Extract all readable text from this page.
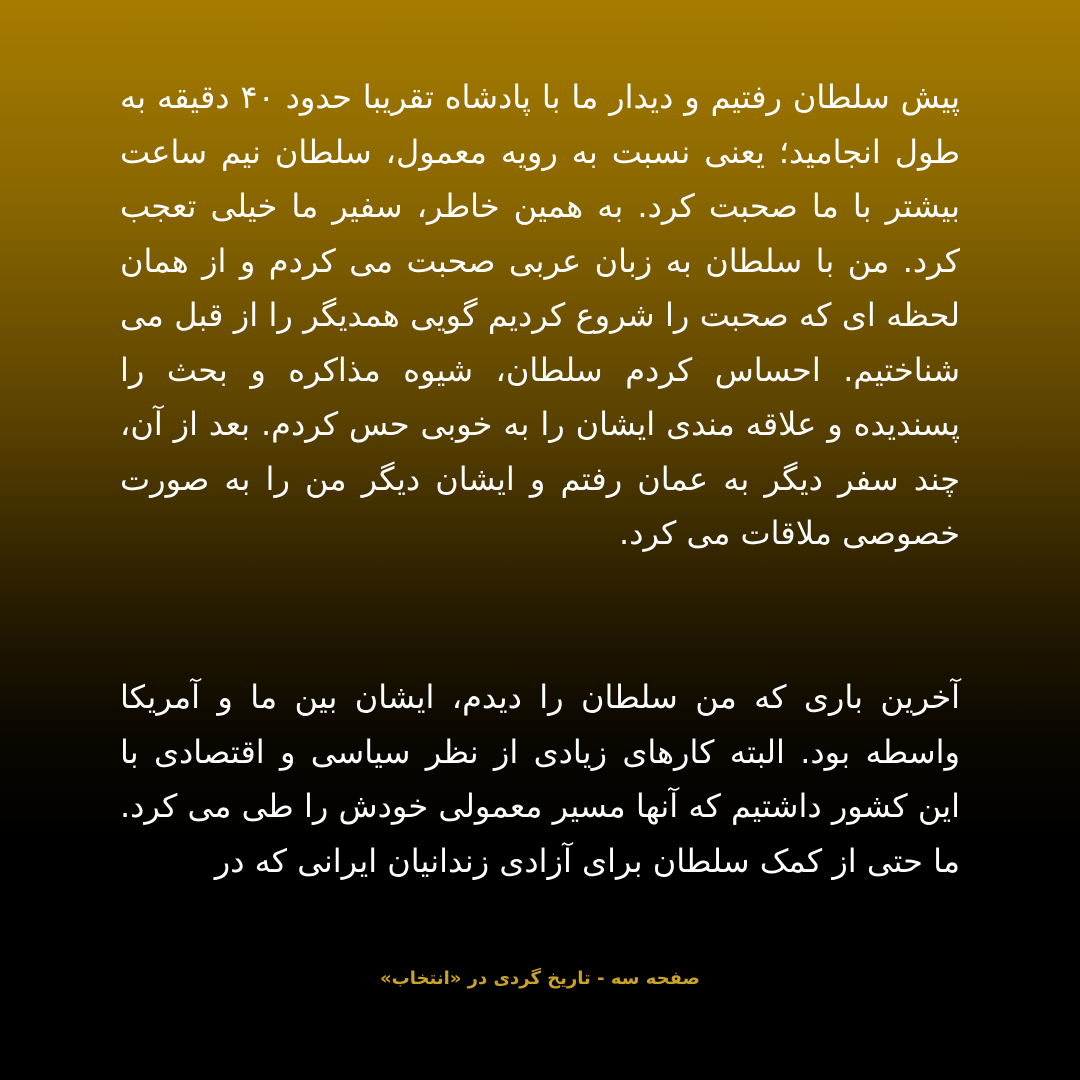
پیش سلطان رفتیم و دیدار ما با پادشاه تقریبا حدود ۴۰ دقیقه به طول انجامید؛ یعنی نسبت به رویه معمول، سلطان نیم ساعت بیشتر با ما صحبت کرد. به همین خاطر، سفیر ما خیلی تعجب کرد. من با سلطان به زبان عربی صحبت می کردم و از همان لحظه ای که صحبت را شروع کردیم گویی همدیگر را از قبل می شناختیم. احساس کردم سلطان، شیوه مذاکره و بحث را پسندیده و علاقه مندی ایشان را به خوبی حس کردم. بعد از آن، چند سفر دیگر به عمان رفتم و ایشان دیگر من را به صورت خصوصی ملاقات می کرد.
آخرین باری که من سلطان را دیدم، ایشان بین ما و آمریکا واسطه بود. البته کارهای زیادی از نظر سیاسی و اقتصادی با این کشور داشتیم که آنها مسیر معمولی خودش را طی می کرد. ما حتی از کمک سلطان برای آزادی زندانیان ایرانی که در
صفحه سه - تاریخ گردی در «انتخاب»
